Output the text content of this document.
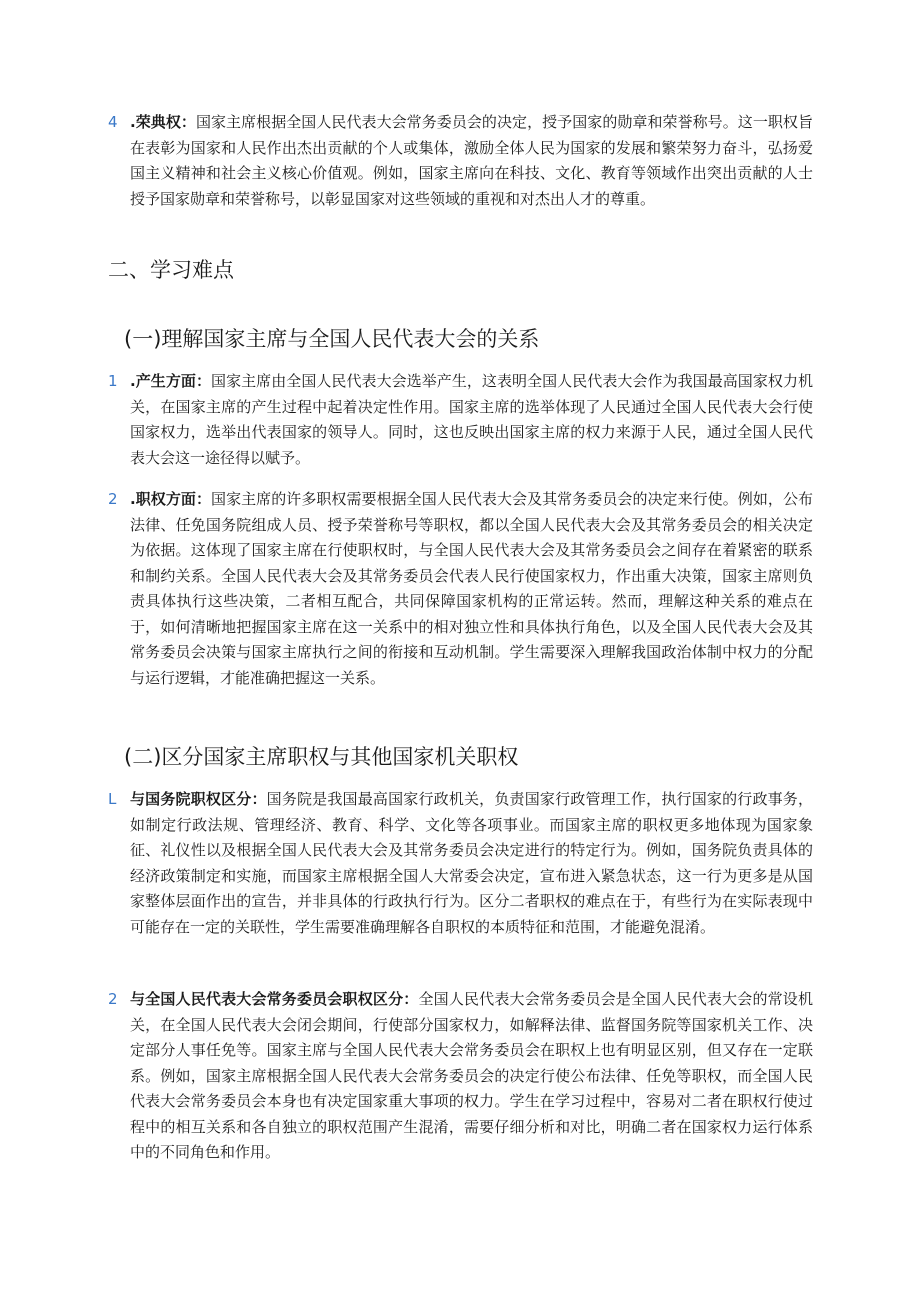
4 .荣典权：国家主席根据全国人民代表大会常务委员会的决定，授予国家的勋章和荣誉称号。这一职权旨在表彰为国家和人民作出杰出贡献的个人或集体，激励全体人民为国家的发展和繁荣努力奋斗，弘扬爱国主义精神和社会主义核心价值观。例如，国家主席向在科技、文化、教育等领域作出突出贡献的人士授予国家勋章和荣誉称号，以彰显国家对这些领域的重视和对杰出人才的尊重。

二、学习难点
(一)理解国家主席与全国人民代表大会的关系
1 .产生方面：国家主席由全国人民代表大会选举产生，这表明全国人民代表大会作为我国最高国家权力机关，在国家主席的产生过程中起着决定性作用。国家主席的选举体现了人民通过全国人民代表大会行使国家权力，选举出代表国家的领导人。同时，这也反映出国家主席的权力来源于人民，通过全国人民代表大会这一途径得以赋予。

2 .职权方面：国家主席的许多职权需要根据全国人民代表大会及其常务委员会的决定来行使。例如，公布法律、任免国务院组成人员、授予荣誉称号等职权，都以全国人民代表大会及其常务委员会的相关决定为依据。这体现了国家主席在行使职权时，与全国人民代表大会及其常务委员会之间存在着紧密的联系和制约关系。全国人民代表大会及其常务委员会代表人民行使国家权力，作出重大决策，国家主席则负责具体执行这些决策，二者相互配合，共同保障国家机构的正常运转。然而，理解这种关系的难点在于，如何清晰地把握国家主席在这一关系中的相对独立性和具体执行角色，以及全国人民代表大会及其常务委员会决策与国家主席执行之间的衔接和互动机制。学生需要深入理解我国政治体制中权力的分配与运行逻辑，才能准确把握这一关系。

(二)区分国家主席职权与其他国家机关职权
L 与国务院职权区分：国务院是我国最高国家行政机关，负责国家行政管理工作，执行国家的行政事务，如制定行政法规、管理经济、教育、科学、文化等各项事业。而国家主席的职权更多地体现为国家象征、礼仪性以及根据全国人民代表大会及其常务委员会决定进行的特定行为。例如，国务院负责具体的经济政策制定和实施，而国家主席根据全国人大常委会决定，宣布进入紧急状态，这一行为更多是从国家整体层面作出的宣告，并非具体的行政执行行为。区分二者职权的难点在于，有些行为在实际表现中可能存在一定的关联性，学生需要准确理解各自职权的本质特征和范围，才能避免混淆。

2 与全国人民代表大会常务委员会职权区分：全国人民代表大会常务委员会是全国人民代表大会的常设机关，在全国人民代表大会闭会期间，行使部分国家权力，如解释法律、监督国务院等国家机关工作、决定部分人事任免等。国家主席与全国人民代表大会常务委员会在职权上也有明显区别，但又存在一定联系。例如，国家主席根据全国人民代表大会常务委员会的决定行使公布法律、任免等职权，而全国人民代表大会常务委员会本身也有决定国家重大事项的权力。学生在学习过程中，容易对二者在职权行使过程中的相互关系和各自独立的职权范围产生混淆，需要仔细分析和对比，明确二者在国家权力运行体系中的不同角色和作用。
